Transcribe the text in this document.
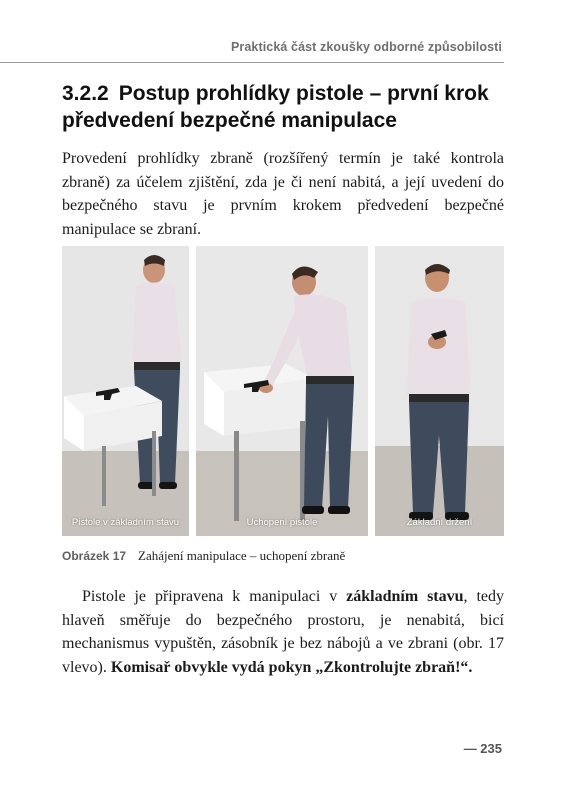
Praktická část zkoušky odborné způsobilosti
3.2.2 Postup prohlídky pistole – první krok
předvedení bezpečné manipulace

Provedení prohlídky zbraně (rozšířený termín je také kontrola zbraně) za účelem zjištění, zda je či není nabitá, a její uvedení do bezpečného stavu je prvním krokem předvedení bezpečné manipulace se zbraní.

Pistole v základním stavu	Uchopení pistole	Základní držení
Obrázek 17 Zahájení manipulace – uchopení zbraně

Pistole je připravena k manipulaci v základním stavu, tedy hlaveň směřuje do bezpečného prostoru, je nenabitá, bicí mechanismus vypuštěn, zásobník je bez nábojů a ve zbrani (obr. 17 vlevo). Komisař obvykle vydá pokyn „Zkontrolujte zbraň!“.

— 235
